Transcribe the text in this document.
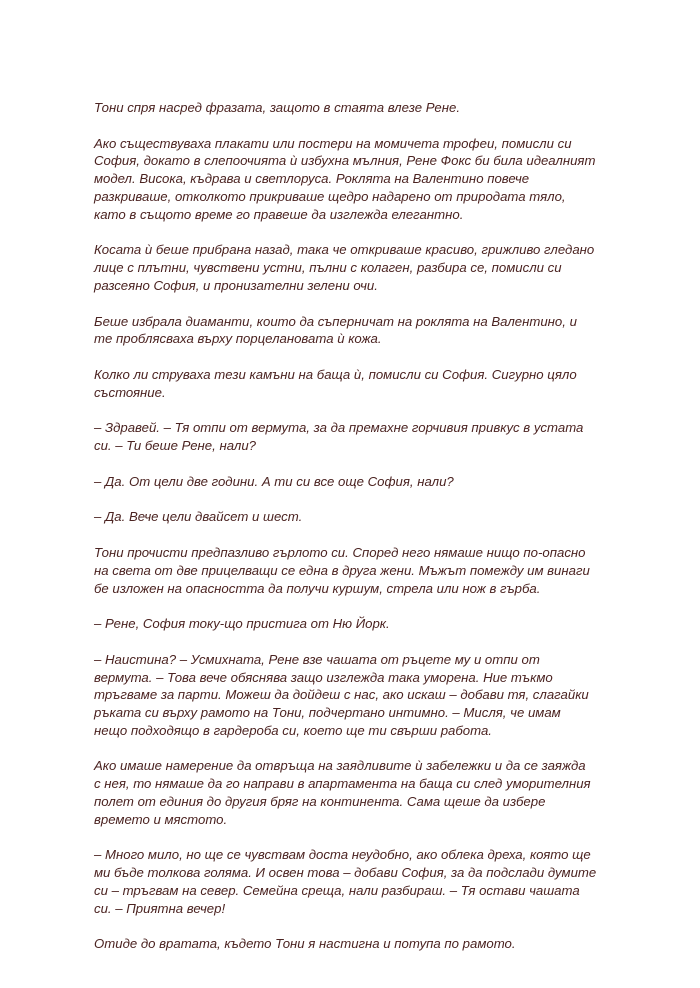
Тони спря насред фразата, защото в стаята влезе Рене.

Ако съществуваха плакати или постери на момичета трофеи, помисли си
София, докато в слепоочията ѝ избухна мълния, Рене Фокс би била идеалният
модел. Висока, къдрава и светлоруса. Роклята на Валентино повече
разкриваше, отколкото прикриваше щедро надарено от природата тяло,
като в същото време го правеше да изглежда елегантно.

Косата ѝ беше прибрана назад, така че откриваше красиво, грижливо гледано
лице с плътни, чувствени устни, пълни с колаген, разбира се, помисли си
разсеяно София, и пронизателни зелени очи.

Беше избрала диаманти, които да съперничат на роклята на Валентино, и
те проблясваха върху порцелановата ѝ кожа.

Колко ли струваха тези камъни на баща ѝ, помисли си София. Сигурно цяло
състояние.

– Здравей. – Тя отпи от вермута, за да премахне горчивия привкус в устата
си. – Ти беше Рене, нали?

– Да. От цели две години. А ти си все още София, нали?

– Да. Вече цели двайсет и шест.

Тони прочисти предпазливо гърлото си. Според него нямаше нищо по-опасно
на света от две прицелващи се една в друга жени. Мъжът помежду им винаги
бе изложен на опасността да получи куршум, стрела или нож в гърба.

– Рене, София току-що пристига от Ню Йорк.

– Наистина? – Усмихната, Рене взе чашата от ръцете му и отпи от
вермута. – Това вече обяснява защо изглежда така уморена. Ние тъкмо
тръгваме за парти. Можеш да дойдеш с нас, ако искаш – добави тя, слагайки
ръката си върху рамото на Тони, подчертано интимно. – Мисля, че имам
нещо подходящо в гардероба си, което ще ти свърши работа.

Ако имаше намерение да отвръща на заядливите ѝ забележки и да се заяжда
с нея, то нямаше да го направи в апартамента на баща си след уморителния
полет от единия до другия бряг на континента. Сама щеше да избере
времето и мястото.

– Много мило, но ще се чувствам доста неудобно, ако облека дреха, която ще
ми бъде толкова голяма. И освен това – добави София, за да подслади думите
си – тръгвам на север. Семейна среща, нали разбираш. – Тя остави чашата
си. – Приятна вечер!

Отиде до вратата, където Тони я настигна и потупа по рамото.
